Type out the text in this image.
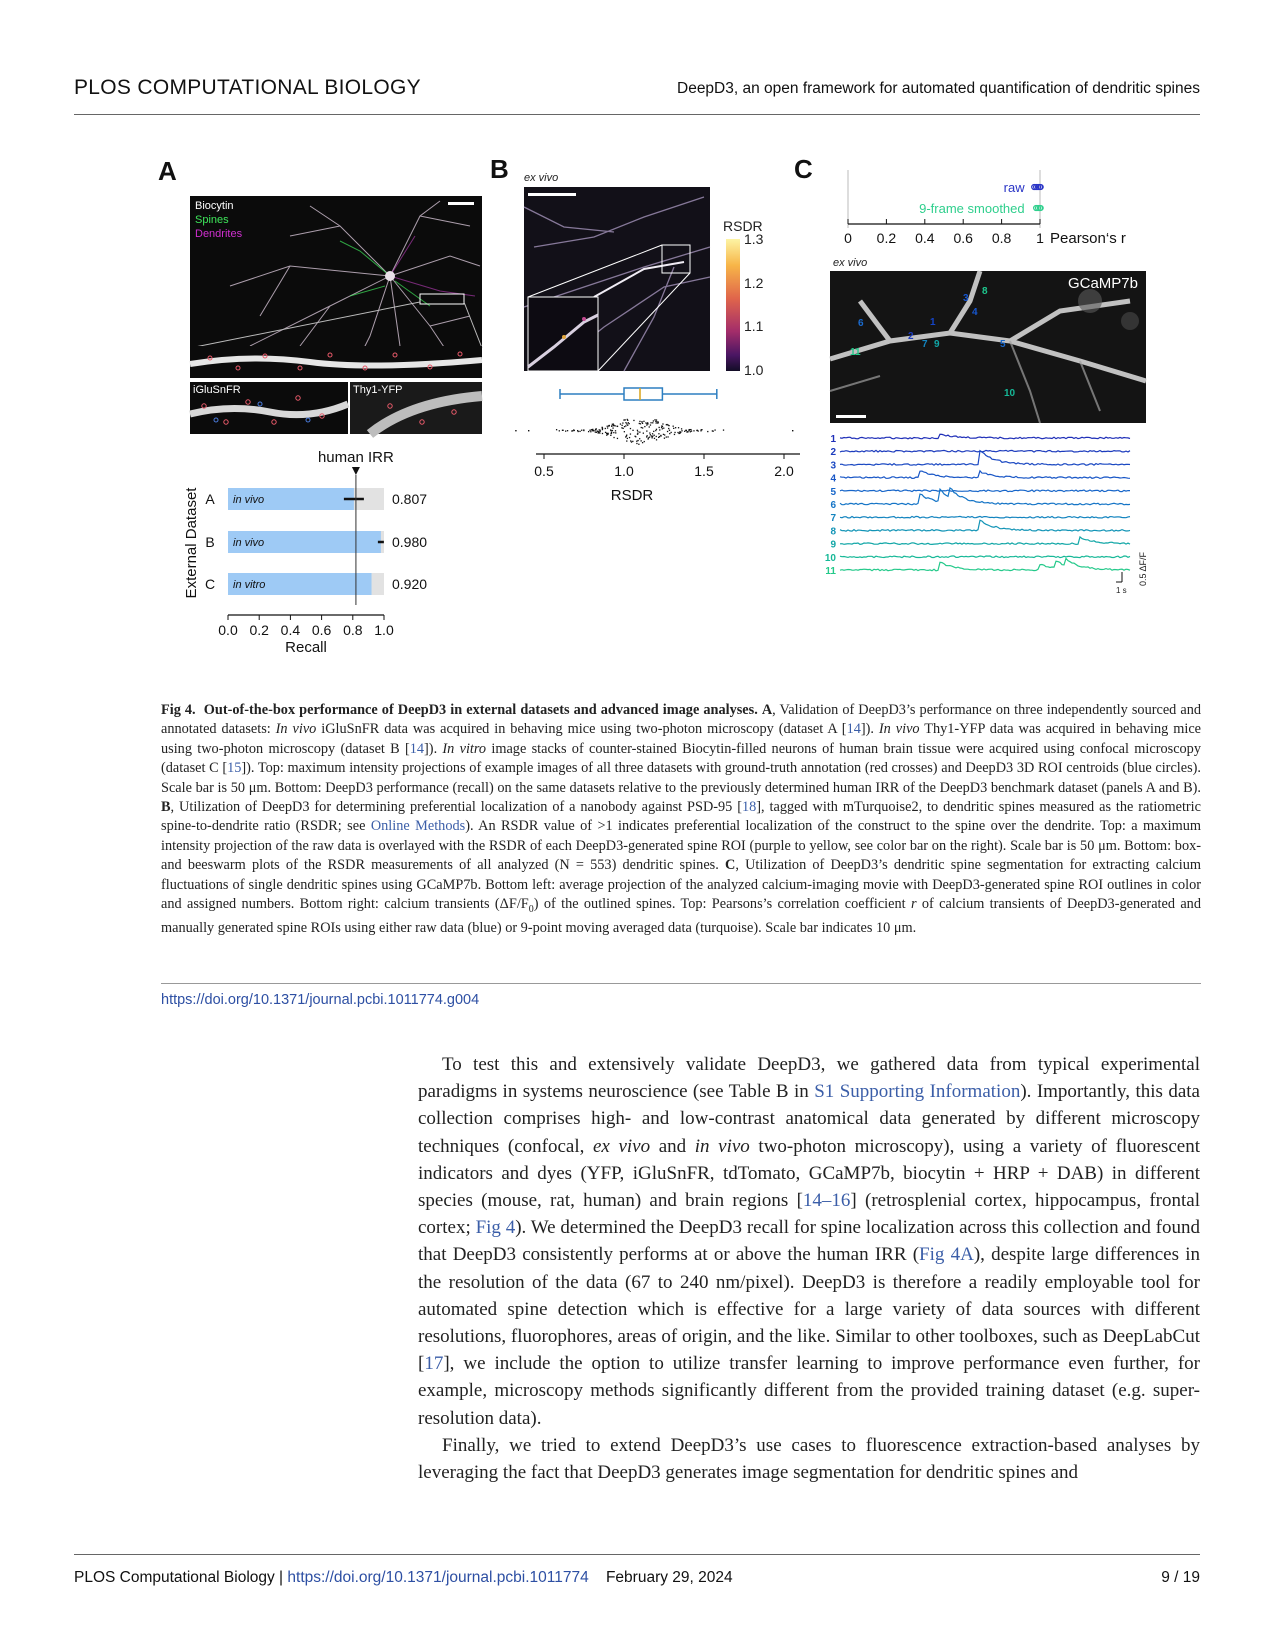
PLOS COMPUTATIONAL BIOLOGY	DeepD3, an open framework for automated quantification of dendritic spines
A
Biocytin
Spines
Dendrites
iGluSnFR	Thy1-YFP
human IRR
in vivo
A	0.807
in vivo
B	0.980
in vitro
C	0.920
0.0 0.2 0.4 0.6 0.8 1.0
Recall
External Dataset
B ex vivo
RSDR
1.3
1.2
1.1
1.0
0.5	1.0	1.5	2.0
RSDR
C
raw
9-frame smoothed
0 0.2 0.4 0.6 0.8 1 Pearson‘s r
ex vivo
GCaMP7b
8
3
4
6	1
2
7 9	5
11
10
1
2
3
4
5
6
7
8
9
10
11	0.5 ΔF/F
1 s
Fig 4. Out-of-the-box performance of DeepD3 in external datasets and advanced image analyses. A, Validation of DeepD3’s performance on three independently sourced and annotated datasets: In vivo iGluSnFR data was acquired in behaving mice using two-photon microscopy (dataset A [14]). In vivo Thy1-YFP data was acquired in behaving mice using two-photon microscopy (dataset B [14]). In vitro image stacks of counter-stained Biocytin-filled neurons of human brain tissue were acquired using confocal microscopy (dataset C [15]). Top: maximum intensity projections of example images of all three datasets with ground-truth annotation (red crosses) and DeepD3 3D ROI centroids (blue circles). Scale bar is 50 μm. Bottom: DeepD3 performance (recall) on the same datasets relative to the previously determined human IRR of the DeepD3 benchmark dataset (panels A and B). B, Utilization of DeepD3 for determining preferential localization of a nanobody against PSD-95 [18], tagged with mTurquoise2, to dendritic spines measured as the ratiometric spine-to-dendrite ratio (RSDR; see Online Methods). An RSDR value of >1 indicates preferential localization of the construct to the spine over the dendrite. Top: a maximum intensity projection of the raw data is overlayed with the RSDR of each DeepD3-generated spine ROI (purple to yellow, see color bar on the right). Scale bar is 50 μm. Bottom: box- and beeswarm plots of the RSDR measurements of all analyzed (N = 553) dendritic spines. C, Utilization of DeepD3’s dendritic spine segmentation for extracting calcium fluctuations of single dendritic spines using GCaMP7b. Bottom left: average projection of the analyzed calcium-imaging movie with DeepD3-generated spine ROI outlines in color and assigned numbers. Bottom right: calcium transients $(\Delta F/F_0)$ of the outlined spines. Top: Pearsons’s correlation coefficient r of calcium transients of DeepD3-generated and manually generated spine ROIs using either raw data (blue) or 9-point moving averaged data (turquoise). Scale bar indicates 10 μm.
https://doi.org/10.1371/journal.pcbi.1011774.g004

To test this and extensively validate DeepD3, we gathered data from typical experimental paradigms in systems neuroscience (see Table B in S1 Supporting Information). Importantly, this data collection comprises high- and low-contrast anatomical data generated by different microscopy techniques (confocal, ex vivo and in vivo two-photon microscopy), using a variety of fluorescent indicators and dyes (YFP, iGluSnFR, tdTomato, GCaMP7b, biocytin + HRP + DAB) in different species (mouse, rat, human) and brain regions [14–16] (retrosplenial cortex, hippocampus, frontal cortex; Fig 4). We determined the DeepD3 recall for spine localization across this collection and found that DeepD3 consistently performs at or above the human IRR (Fig 4A), despite large differences in the resolution of the data (67 to 240 nm/pixel). DeepD3 is therefore a readily employable tool for automated spine detection which is effective for a large variety of data sources with different resolutions, fluorophores, areas of origin, and the like. Similar to other toolboxes, such as DeepLabCut [17], we include the option to utilize transfer learning to improve performance even further, for example, microscopy methods significantly different from the provided training dataset (e.g. super-resolution data).

Finally, we tried to extend DeepD3’s use cases to fluorescence extraction-based analyses by leveraging the fact that DeepD3 generates image segmentation for dendritic spines and

PLOS Computational Biology | https://doi.org/10.1371/journal.pcbi.1011774 February 29, 2024	9 / 19
